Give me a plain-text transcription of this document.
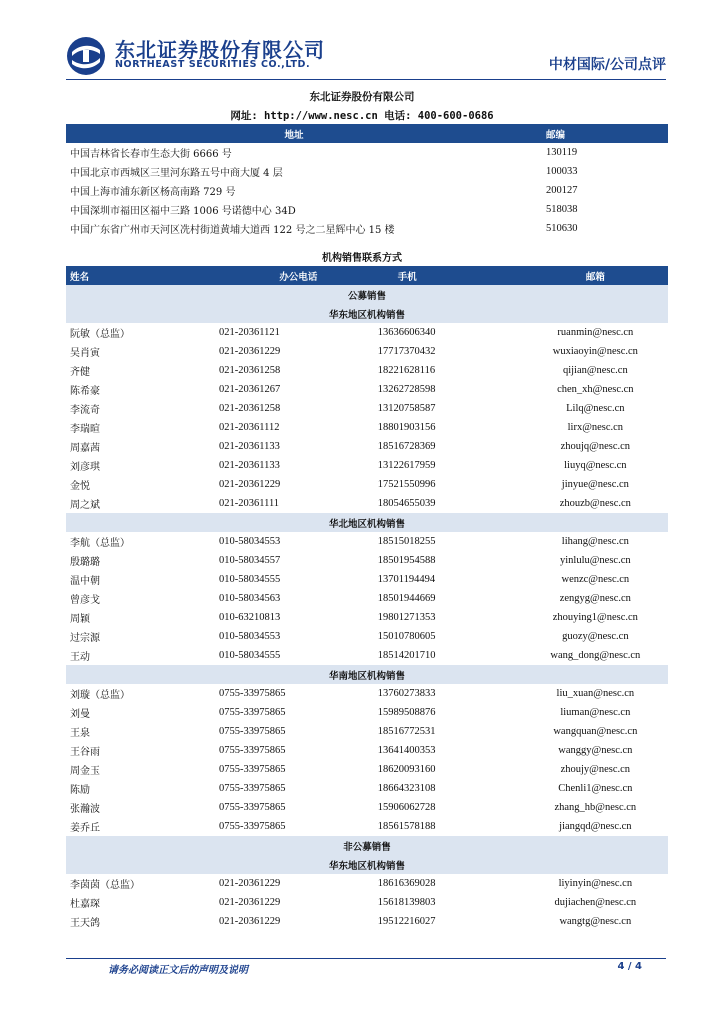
东北证券股份有限公司
NORTHEAST SECURITIES CO.,LTD.	中材国际/公司点评
东北证券股份有限公司
网址: http://www.nesc.cn 电话: 400-600-0686
地址	邮编
中国吉林省长春市生态大街 6666 号	130119
中国北京市西城区三里河东路五号中商大厦 4 层	100033
中国上海市浦东新区杨高南路 729 号	200127
中国深圳市福田区福中三路 1006 号诺德中心 34D	518038
中国广东省广州市天河区冼村街道黄埔大道西 122 号之二星辉中心 15 楼	510630
机构销售联系方式
姓名	办公电话	手机	邮箱
公募销售			
华东地区机构销售			
阮敏（总监）	021-20361121	13636606340	ruanmin@nesc.cn
吴肖寅	021-20361229	17717370432	wuxiaoyin@nesc.cn
齐健	021-20361258	18221628116	qijian@nesc.cn
陈希豪	021-20361267	13262728598	chen_xh@nesc.cn
李流奇	021-20361258	13120758587	Lilq@nesc.cn
李瑞暄	021-20361112	18801903156	lirx@nesc.cn
周嘉茜	021-20361133	18516728369	zhoujq@nesc.cn
刘彦琪	021-20361133	13122617959	liuyq@nesc.cn
金悦	021-20361229	17521550996	jinyue@nesc.cn
周之斌	021-20361111	18054655039	zhouzb@nesc.cn
华北地区机构销售			
李航（总监）	010-58034553	18515018255	lihang@nesc.cn
殷璐璐	010-58034557	18501954588	yinlulu@nesc.cn
温中朝	010-58034555	13701194494	wenzc@nesc.cn
曾彦戈	010-58034563	18501944669	zengyg@nesc.cn
周颖	010-63210813	19801271353	zhouying1@nesc.cn
过宗源	010-58034553	15010780605	guozy@nesc.cn
王动	010-58034555	18514201710	wang_dong@nesc.cn
华南地区机构销售			
刘璇（总监）	0755-33975865	13760273833	liu_xuan@nesc.cn
刘曼	0755-33975865	15989508876	liuman@nesc.cn
王泉	0755-33975865	18516772531	wangquan@nesc.cn
王谷雨	0755-33975865	13641400353	wanggy@nesc.cn
周金玉	0755-33975865	18620093160	zhoujy@nesc.cn
陈励	0755-33975865	18664323108	Chenli1@nesc.cn
张瀚波	0755-33975865	15906062728	zhang_hb@nesc.cn
姜乔丘	0755-33975865	18561578188	jiangqd@nesc.cn
非公募销售			
华东地区机构销售			
李茵茵（总监）	021-20361229	18616369028	liyinyin@nesc.cn
杜嘉琛	021-20361229	15618139803	dujiachen@nesc.cn
王天鸽	021-20361229	19512216027	wangtg@nesc.cn
请务必阅读正文后的声明及说明	4 / 4
